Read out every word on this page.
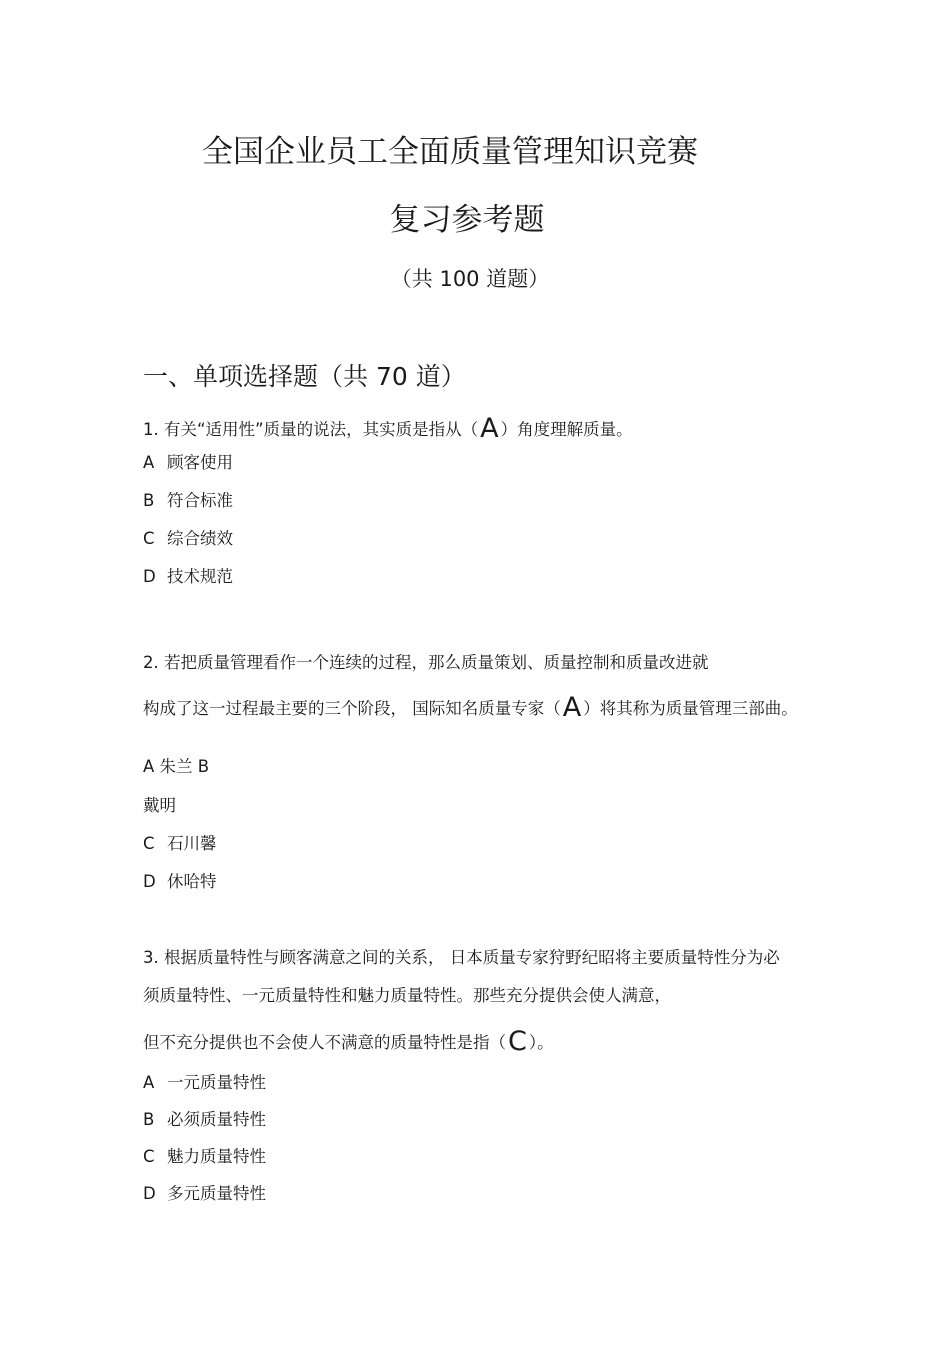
全国企业员工全面质量管理知识竞赛
复习参考题
（共 100 道题）
一、单项选择题（共 70 道）
1. 有关“适用性”质量的说法，其实质是指从（A ）角度理解质量。
A 顾客使用
B 符合标准
C 综合绩效
D 技术规范
2. 若把质量管理看作一个连续的过程，那么质量策划、质量控制和质量改进就
构成了这一过程最主要的三个阶段， 国际知名质量专家（A ）将其称为质量管理三部曲。
A 朱兰 B
戴明
C 石川馨
D 休哈特
3. 根据质量特性与顾客满意之间的关系， 日本质量专家狩野纪昭将主要质量特性分为必
须质量特性、一元质量特性和魅力质量特性。那些充分提供会使人满意，
但不充分提供也不会使人不满意的质量特性是指（C ）。
A 一元质量特性
B 必须质量特性
C 魅力质量特性
D 多元质量特性
